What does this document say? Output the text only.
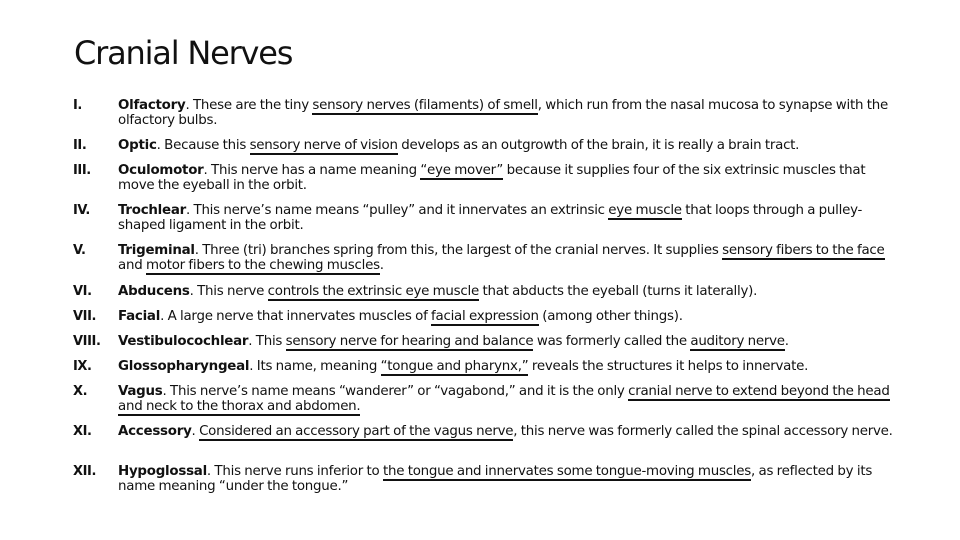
Cranial Nerves
I.	Olfactory. These are the tiny sensory nerves (filaments) of smell, which run from the nasal mucosa to synapse with the olfactory bulbs.
II. Optic. Because this sensory nerve of vision develops as an outgrowth of the brain, it is really a brain tract.
III. Oculomotor. This nerve has a name meaning “eye mover” because it supplies four of the six extrinsic muscles that move the eyeball in the orbit.
IV. Trochlear. This nerve’s name means “pulley” and it innervates an extrinsic eye muscle that loops through a pulley-shaped ligament in the orbit.
V. Trigeminal. Three (tri) branches spring from this, the largest of the cranial nerves. It supplies sensory fibers to the face and motor fibers to the chewing muscles.
VI. Abducens. This nerve controls the extrinsic eye muscle that abducts the eyeball (turns it laterally).
VII. Facial. A large nerve that innervates muscles of facial expression (among other things).
VIII. Vestibulocochlear. This sensory nerve for hearing and balance was formerly called the auditory nerve.
IX. Glossopharyngeal. Its name, meaning “tongue and pharynx,” reveals the structures it helps to innervate.
X. Vagus. This nerve’s name means “wanderer” or “vagabond,” and it is the only cranial nerve to extend beyond the head and neck to the thorax and abdomen.
XI. Accessory. Considered an accessory part of the vagus nerve, this nerve was formerly called the spinal accessory nerve.
XII. Hypoglossal. This nerve runs inferior to the tongue and innervates some tongue-moving muscles, as reflected by its name meaning “under the tongue.”
